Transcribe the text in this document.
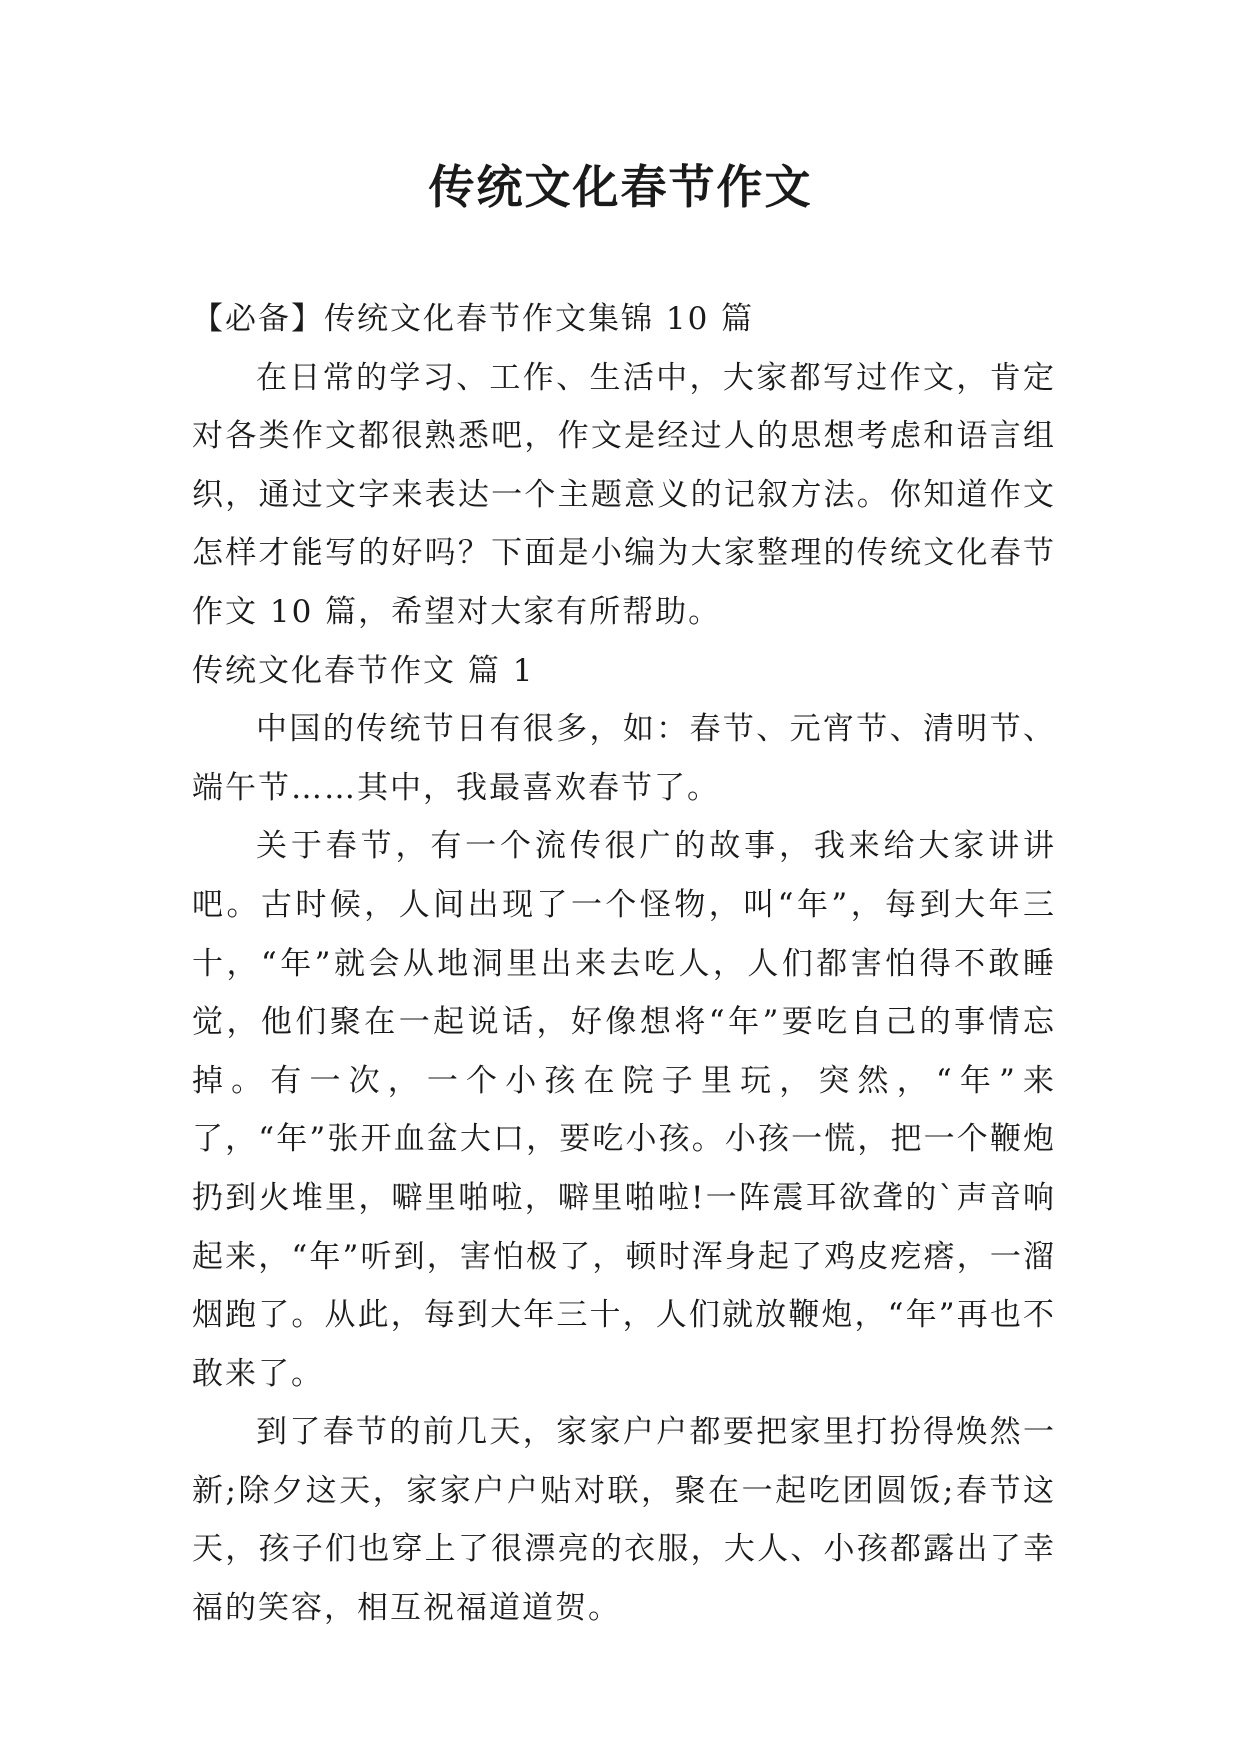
传统文化春节作文

【必备】传统文化春节作文集锦 10 篇

在日常的学习、工作、生活中，大家都写过作文，肯定对各类作文都很熟悉吧，作文是经过人的思想考虑和语言组织，通过文字来表达一个主题意义的记叙方法。你知道作文怎样才能写的好吗？下面是小编为大家整理的传统文化春节作文 10 篇，希望对大家有所帮助。

传统文化春节作文 篇 1

中国的传统节日有很多，如：春节、元宵节、清明节、端午节……其中，我最喜欢春节了。

关于春节，有一个流传很广的故事，我来给大家讲讲吧。古时候，人间出现了一个怪物，叫“年”，每到大年三十，“年”就会从地洞里出来去吃人，人们都害怕得不敢睡觉，他们聚在一起说话，好像想将“年”要吃自己的事情忘掉。有一次，一个小孩在院子里玩，突然，“年”来了，“年”张开血盆大口，要吃小孩。小孩一慌，把一个鞭炮扔到火堆里，噼里啪啦，噼里啪啦!一阵震耳欲聋的`声音响起来，“年”听到，害怕极了，顿时浑身起了鸡皮疙瘩，一溜烟跑了。从此，每到大年三十，人们就放鞭炮，“年”再也不敢来了。

到了春节的前几天，家家户户都要把家里打扮得焕然一新;除夕这天，家家户户贴对联，聚在一起吃团圆饭;春节这天，孩子们也穿上了很漂亮的衣服，大人、小孩都露出了幸福的笑容，相互祝福道道贺。
